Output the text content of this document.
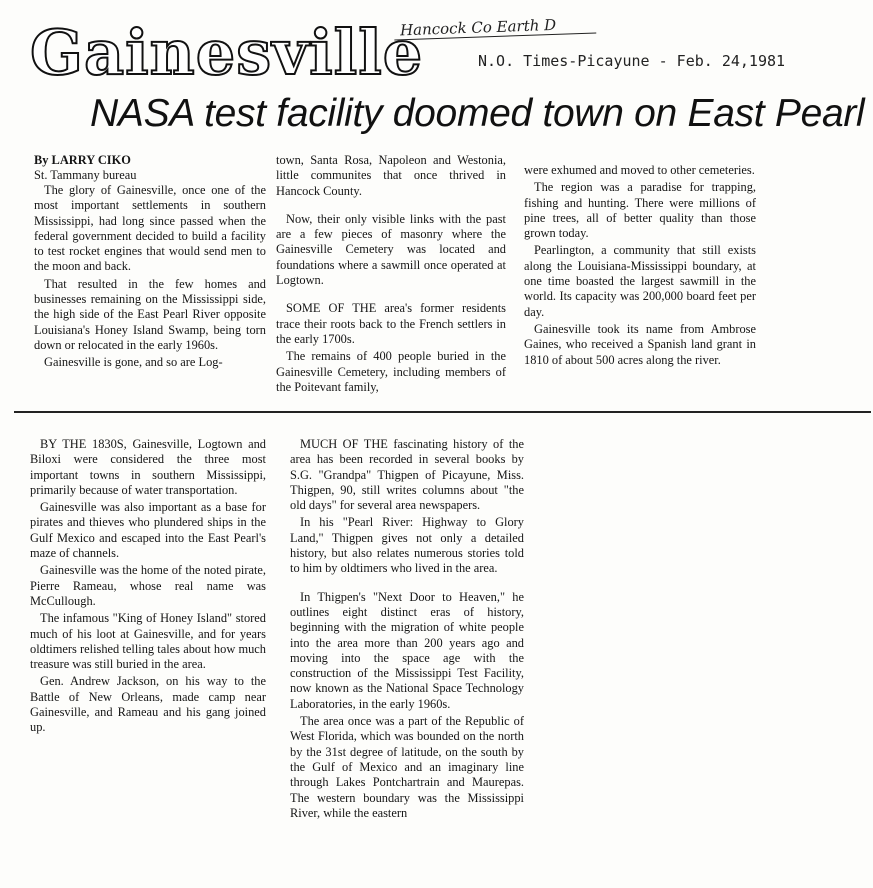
Gainesville
Hancock Co Earth D
N.O. Times-Picayune - Feb. 24,1981
NASA test facility doomed town on East Pearl
By LARRY CIKO
St. Tammany bureau

The glory of Gainesville, once one of the most important settlements in southern Mississippi, had long since passed when the federal government decided to build a facility to test rocket engines that would send men to the moon and back.

That resulted in the few homes and businesses remaining on the Mississippi side, the high side of the East Pearl River opposite Louisiana's Honey Island Swamp, being torn down or relocated in the early 1960s.

Gainesville is gone, and so are Log-

town, Santa Rosa, Napoleon and Westonia, little communites that once thrived in Hancock County.

Now, their only visible links with the past are a few pieces of masonry where the Gainesville Cemetery was located and foundations where a sawmill once operated at Logtown.

SOME OF THE area's former residents trace their roots back to the French settlers in the early 1700s.

The remains of 400 people buried in the Gainesville Cemetery, including members of the Poitevant family,

were exhumed and moved to other cemeteries.

The region was a paradise for trapping, fishing and hunting. There were millions of pine trees, all of better quality than those grown today.

Pearlington, a community that still exists along the Louisiana-Mississippi boundary, at one time boasted the largest sawmill in the world. Its capacity was 200,000 board feet per day.

Gainesville took its name from Ambrose Gaines, who received a Spanish land grant in 1810 of about 500 acres along the river.

BY THE 1830S, Gainesville, Logtown and Biloxi were considered the three most important towns in southern Mississippi, primarily because of water transportation.

Gainesville was also important as a base for pirates and thieves who plundered ships in the Gulf Mexico and escaped into the East Pearl's maze of channels.

Gainesville was the home of the noted pirate, Pierre Rameau, whose real name was McCullough.

The infamous "King of Honey Island" stored much of his loot at Gainesville, and for years oldtimers relished telling tales about how much treasure was still buried in the area.

Gen. Andrew Jackson, on his way to the Battle of New Orleans, made camp near Gainesville, and Rameau and his gang joined up.

MUCH OF THE fascinating history of the area has been recorded in several books by S.G. "Grandpa" Thigpen of Picayune, Miss. Thigpen, 90, still writes columns about "the old days" for several area newspapers.

In his "Pearl River: Highway to Glory Land," Thigpen gives not only a detailed history, but also relates numerous stories told to him by oldtimers who lived in the area.

In Thigpen's "Next Door to Heaven," he outlines eight distinct eras of history, beginning with the migration of white people into the area more than 200 years ago and moving into the space age with the construction of the Mississippi Test Facility, now known as the National Space Technology Laboratories, in the early 1960s.

The area once was a part of the Republic of West Florida, which was bounded on the north by the 31st degree of latitude, on the south by the Gulf of Mexico and an imaginary line through Lakes Pontchartrain and Maurepas. The western boundary was the Mississippi River, while the eastern
